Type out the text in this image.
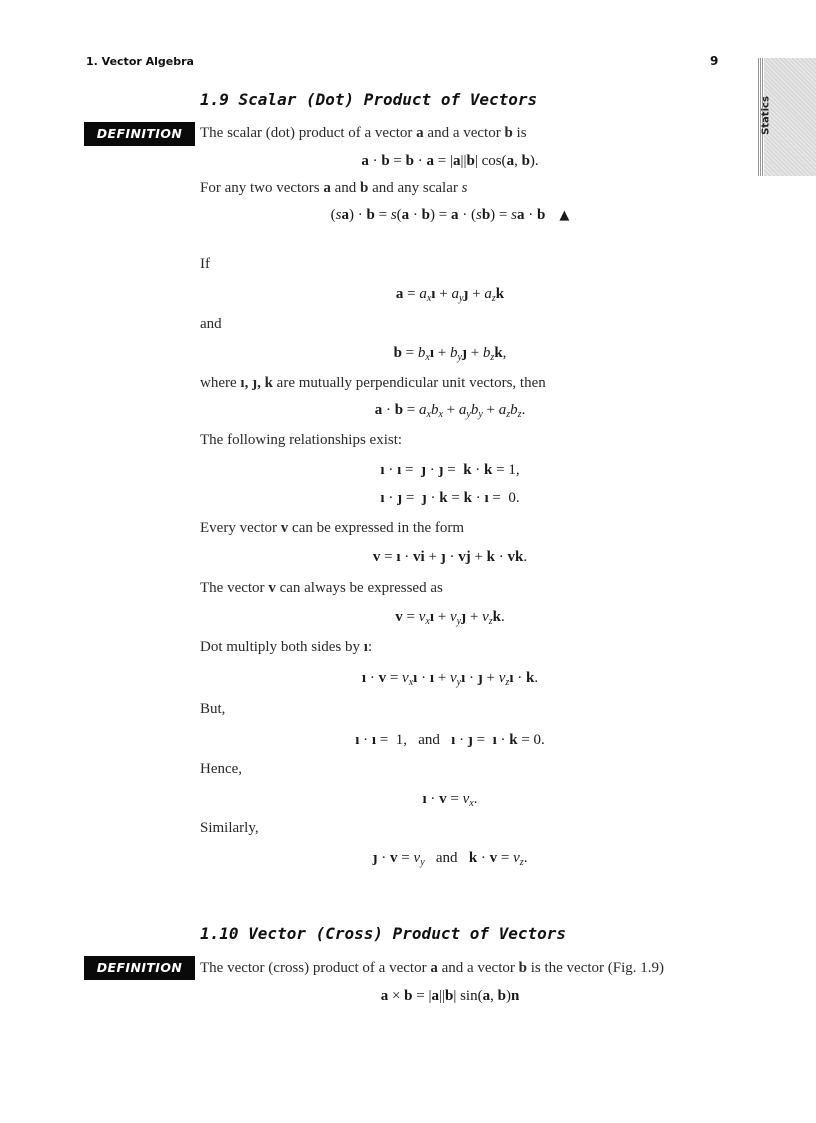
1. Vector Algebra	9
Statics
1.9 Scalar (Dot) Product of Vectors
DEFINITION	The scalar (dot) product of a vector a and a vector b is
a · b = b · a = |a||b| cos(a, b).
For any two vectors a and b and any scalar s
(sa) · b = s(a · b) = a · (sb) = sa · b ▲
If
$a = a_xı$ + $a_yȷ + a_zk$
and
$b = b_xı$ + $b_yȷ + b_zk$,
where ı, ȷ, k are mutually perpendicular unit vectors, then
$a \cdot b = a_xb_x + a_yb_y + a_zb_z$.
The following relationships exist:
ı · ı =  ȷ · ȷ =  k · k = 1,
ı · ȷ =  ȷ · k = k · ı =  0.
Every vector v can be expressed in the form
v = ı · vi + ȷ · vj + k · vk.
The vector v can always be expressed as
$v = v_xı$ + $v_yȷ + v_zk$.
Dot multiply both sides by ı:
ı · $v = v_xı$ · ı + $v_yı$ · ȷ + $v_zı \cdot k$.
But,
ı · ı =  1,   and ı · ȷ =  ı · k = 0.
Hence,
ı · $v = v_x$.
Similarly,
ȷ · $v = v_y$ and $k \cdot v = v_z$.
1.10 Vector (Cross) Product of Vectors
DEFINITION	The vector (cross) product of a vector a and a vector b is the vector (Fig. 1.9)
a × b = |a||b| sin(a, b)n
